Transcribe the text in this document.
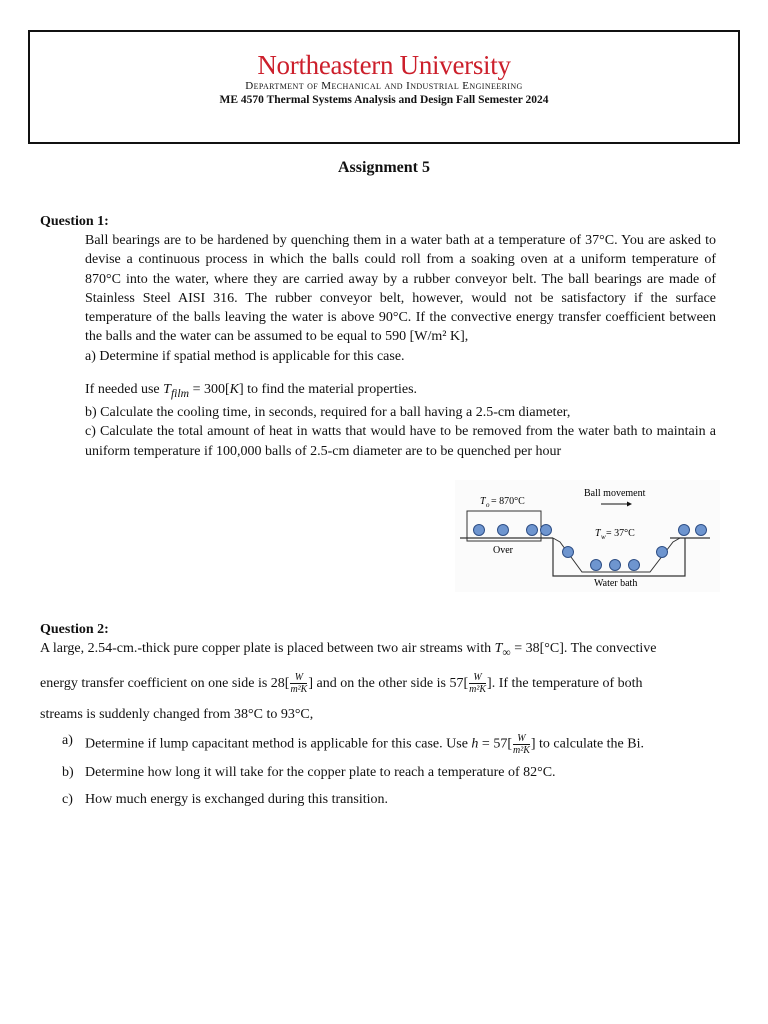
Northeastern University
Department of Mechanical and Industrial Engineering
ME 4570 Thermal Systems Analysis and Design Fall Semester 2024
Assignment 5
Question 1:

Ball bearings are to be hardened by quenching them in a water bath at a temperature of 37°C. You are asked to devise a continuous process in which the balls could roll from a soaking oven at a uniform temperature of 870°C into the water, where they are carried away by a rubber conveyor belt. The ball bearings are made of Stainless Steel AISI 316. The rubber conveyor belt, however, would not be satisfactory if the surface temperature of the balls leaving the water is above 90°C. If the convective energy transfer coefficient between the balls and the water can be assumed to be equal to 590 [W/m² K],

a) Determine if spatial method is applicable for this case.

If needed use $T_{film} = 300[K]$ to find the material properties.

b) Calculate the cooling time, in seconds, required for a ball having a 2.5-cm diameter,

c) Calculate the total amount of heat in watts that would have to be removed from the water bath to maintain a uniform temperature if 100,000 balls of 2.5-cm diameter are to be quenched per hour

T o = 870°C
Ball movement
T w = 37°C
Over
Water bath
Question 2:

A large, 2.54-cm.-thick pure copper plate is placed between two air streams with $T_\infty = 38[^\circ C]$. The convective

energy transfer coefficient on one side is $28[ \frac{W}{\text{m²K}}$ ] and on the other side is $57[ \frac{W}{\text{m²K}}$ ]. If the temperature of both

streams is suddenly changed from 38°C to 93°C,

a) Determine if lump capacitant method is applicable for this case. Use $h = 57[ \frac{W}{\text{m²K}}$ ] to calculate the Bi.
b) Determine how long it will take for the copper plate to reach a temperature of 82°C.
c) How much energy is exchanged during this transition.
